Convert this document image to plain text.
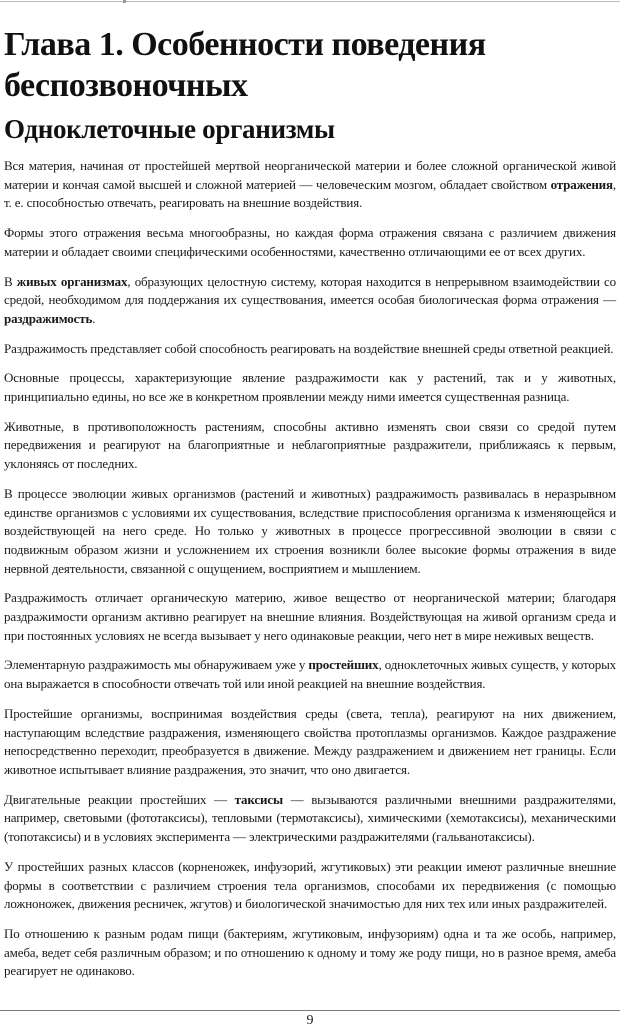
Глава 1. Особенности поведения беспозвоночных
Одноклеточные организмы

Вся материя, начиная от простейшей мертвой неорганической материи и более сложной органической живой материи и кончая самой высшей и сложной материей — человеческим мозгом, обладает свойством отражения, т. е. способностью отвечать, реагировать на внешние воздействия.

Формы этого отражения весьма многообразны, но каждая форма отражения связана с различием движения материи и обладает своими специфическими особенностями, качественно отличающими ее от всех других.

В живых организмах, образующих целостную систему, которая находится в непрерывном взаимодействии со средой, необходимом для поддержания их существования, имеется особая биологическая форма отражения — раздражимость.

Раздражимость представляет собой способность реагировать на воздействие внешней среды ответной реакцией.

Основные процессы, характеризующие явление раздражимости как у растений, так и у животных, принципиально едины, но все же в конкретном проявлении между ними имеется существенная разница.

Животные, в противоположность растениям, способны активно изменять свои связи со средой путем передвижения и реагируют на благоприятные и неблагоприятные раздражители, приближаясь к первым, уклоняясь от последних.

В процессе эволюции живых организмов (растений и животных) раздражимость развивалась в неразрывном единстве организмов с условиями их существования, вследствие приспособления организма к изменяющейся и воздействующей на него среде. Но только у животных в процессе прогрессивной эволюции в связи с подвижным образом жизни и усложнением их строения возникли более высокие формы отражения в виде нервной деятельности, связанной с ощущением, восприятием и мышлением.

Раздражимость отличает органическую материю, живое вещество от неорганической материи; благодаря раздражимости организм активно реагирует на внешние влияния. Воздействующая на живой организм среда и при постоянных условиях не всегда вызывает у него одинаковые реакции, чего нет в мире неживых веществ.

Элементарную раздражимость мы обнаруживаем уже у простейших, одноклеточных живых существ, у которых она выражается в способности отвечать той или иной реакцией на внешние воздействия.

Простейшие организмы, воспринимая воздействия среды (света, тепла), реагируют на них движением, наступающим вследствие раздражения, изменяющего свойства протоплазмы организмов. Каждое раздражение непосредственно переходит, преобразуется в движение. Между раздражением и движением нет границы. Если животное испытывает влияние раздражения, это значит, что оно двигается.

Двигательные реакции простейших — таксисы — вызываются различными внешними раздражителями, например, световыми (фототаксисы), тепловыми (термотаксисы), химическими (хемотаксисы), механическими (топотаксисы) и в условиях эксперимента — электрическими раздражителями (гальванотаксисы).

У простейших разных классов (корненожек, инфузорий, жгутиковых) эти реакции имеют различные внешние формы в соответствии с различием строения тела организмов, способами их передвижения (с помощью ложноножек, движения ресничек, жгутов) и биологической значимостью для них тех или иных раздражителей.

По отношению к разным родам пищи (бактериям, жгутиковым, инфузориям) одна и та же особь, например, амеба, ведет себя различным образом; и по отношению к одному и тому же роду пищи, но в разное время, амеба реагирует не одинаково.

9
